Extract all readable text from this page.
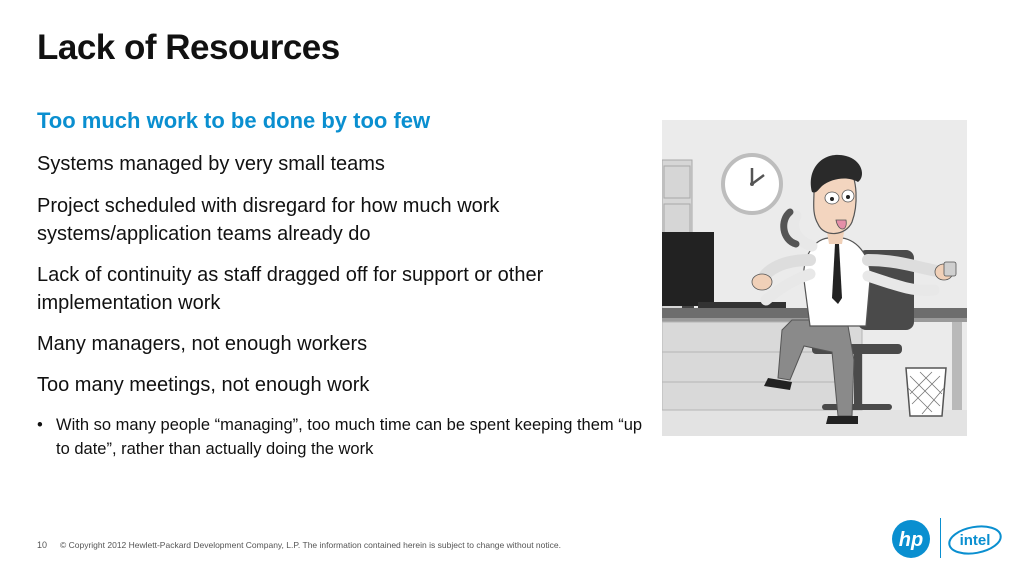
Lack of Resources
Too much work to be done by too few
Systems managed by very small teams
Project scheduled with disregard for how much work systems/application teams already do
Lack of continuity as staff dragged off for support or other implementation work
Many managers, not enough workers
Too many meetings, not enough work
• With so many people “managing”, too much time can be spent keeping them “up to date”, rather than actually doing the work
10 © Copyright 2012 Hewlett-Packard Development Company, L.P. The information contained herein is subject to change without notice.	hp intel
